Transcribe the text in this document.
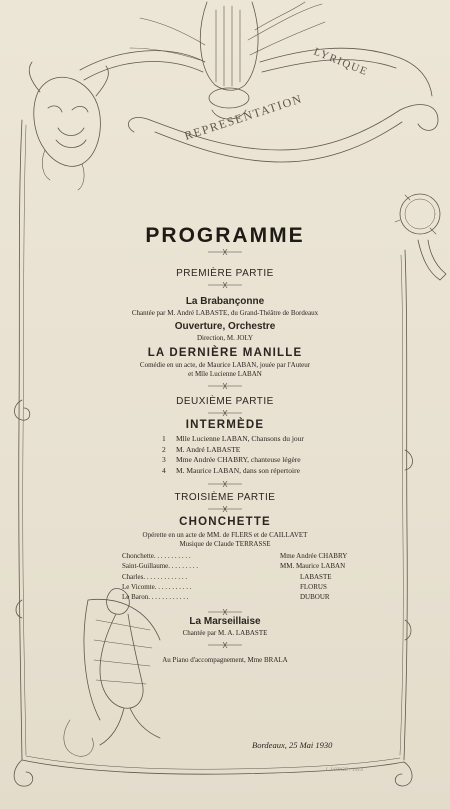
LYRIQUE
REPRESENTATION
PROGRAMME
PREMIÈRE PARTIE
La Brabançonne
Chantée par M. André LABASTE, du Grand-Théâtre de Bordeaux
Ouverture, Orchestre
Direction, M. JOLY
LA DERNIÈRE MANILLE
Comédie en un acte, de Maurice LABAN, jouée par l'Auteur
et Mlle Lucienne LABAN
DEUXIÈME PARTIE
INTERMÈDE
1 Mlle Lucienne LABAN, Chansons du jour
2 M. André LABASTE
3 Mme Andrée CHABRY, chanteuse légère
4 M. Maurice LABAN, dans son répertoire
TROISIÈME PARTIE
CHONCHETTE
Opérette en un acte de MM. de FLERS et de CAILLAVET
Musique de Claude TERRASSE
Chonchette. . . . . . . . . . .
Saint-Guillaume. . . . . . . . .
Charles. . . . . . . . . . . . .
Le Vicomte. . . . . . . . . . .
Le Baron. . . . . . . . . . . .
Mme Andrée CHABRY
MM. Maurice LABAN
LABASTE
FLORUS
DUBOUR
La Marseillaise
Chantée par M. A. LABASTE
Au Piano d'accompagnement, Mme BRALA
Bordeaux, 25 Mai 1930
J. LORGE . 1914
